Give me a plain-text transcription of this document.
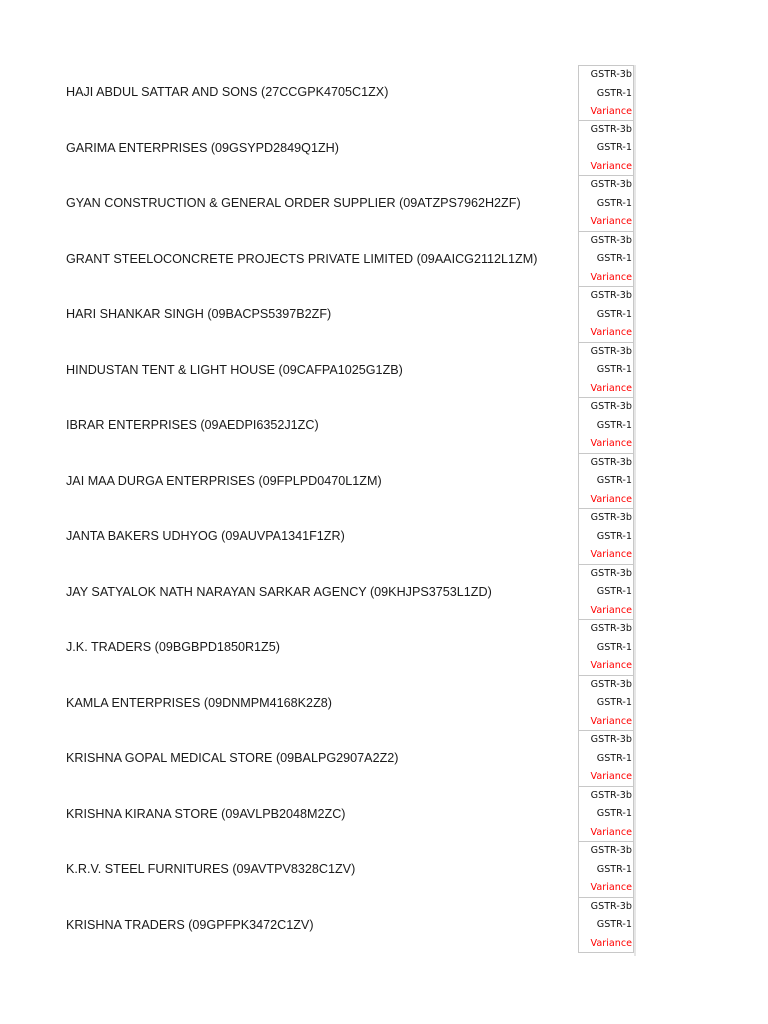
HAJI ABDUL SATTAR AND SONS (27CCGPK4705C1ZX)
GSTR-3b
GSTR-1
Variance
GARIMA ENTERPRISES (09GSYPD2849Q1ZH)
GSTR-3b
GSTR-1
Variance
GYAN CONSTRUCTION & GENERAL ORDER SUPPLIER (09ATZPS7962H2ZF)
GSTR-3b
GSTR-1
Variance
GRANT STEELOCONCRETE PROJECTS PRIVATE LIMITED (09AAICG2112L1ZM)
GSTR-3b
GSTR-1
Variance
HARI SHANKAR SINGH (09BACPS5397B2ZF)
GSTR-3b
GSTR-1
Variance
HINDUSTAN TENT & LIGHT HOUSE (09CAFPA1025G1ZB)
GSTR-3b
GSTR-1
Variance
IBRAR ENTERPRISES (09AEDPI6352J1ZC)
GSTR-3b
GSTR-1
Variance
JAI MAA DURGA ENTERPRISES (09FPLPD0470L1ZM)
GSTR-3b
GSTR-1
Variance
JANTA BAKERS UDHYOG (09AUVPA1341F1ZR)
GSTR-3b
GSTR-1
Variance
JAY SATYALOK NATH NARAYAN SARKAR AGENCY (09KHJPS3753L1ZD)
GSTR-3b
GSTR-1
Variance
J.K. TRADERS (09BGBPD1850R1Z5)
GSTR-3b
GSTR-1
Variance
KAMLA ENTERPRISES (09DNMPM4168K2Z8)
GSTR-3b
GSTR-1
Variance
KRISHNA GOPAL MEDICAL STORE (09BALPG2907A2Z2)
GSTR-3b
GSTR-1
Variance
KRISHNA KIRANA STORE (09AVLPB2048M2ZC)
GSTR-3b
GSTR-1
Variance
K.R.V. STEEL FURNITURES (09AVTPV8328C1ZV)
GSTR-3b
GSTR-1
Variance
KRISHNA TRADERS (09GPFPK3472C1ZV)
GSTR-3b
GSTR-1
Variance
